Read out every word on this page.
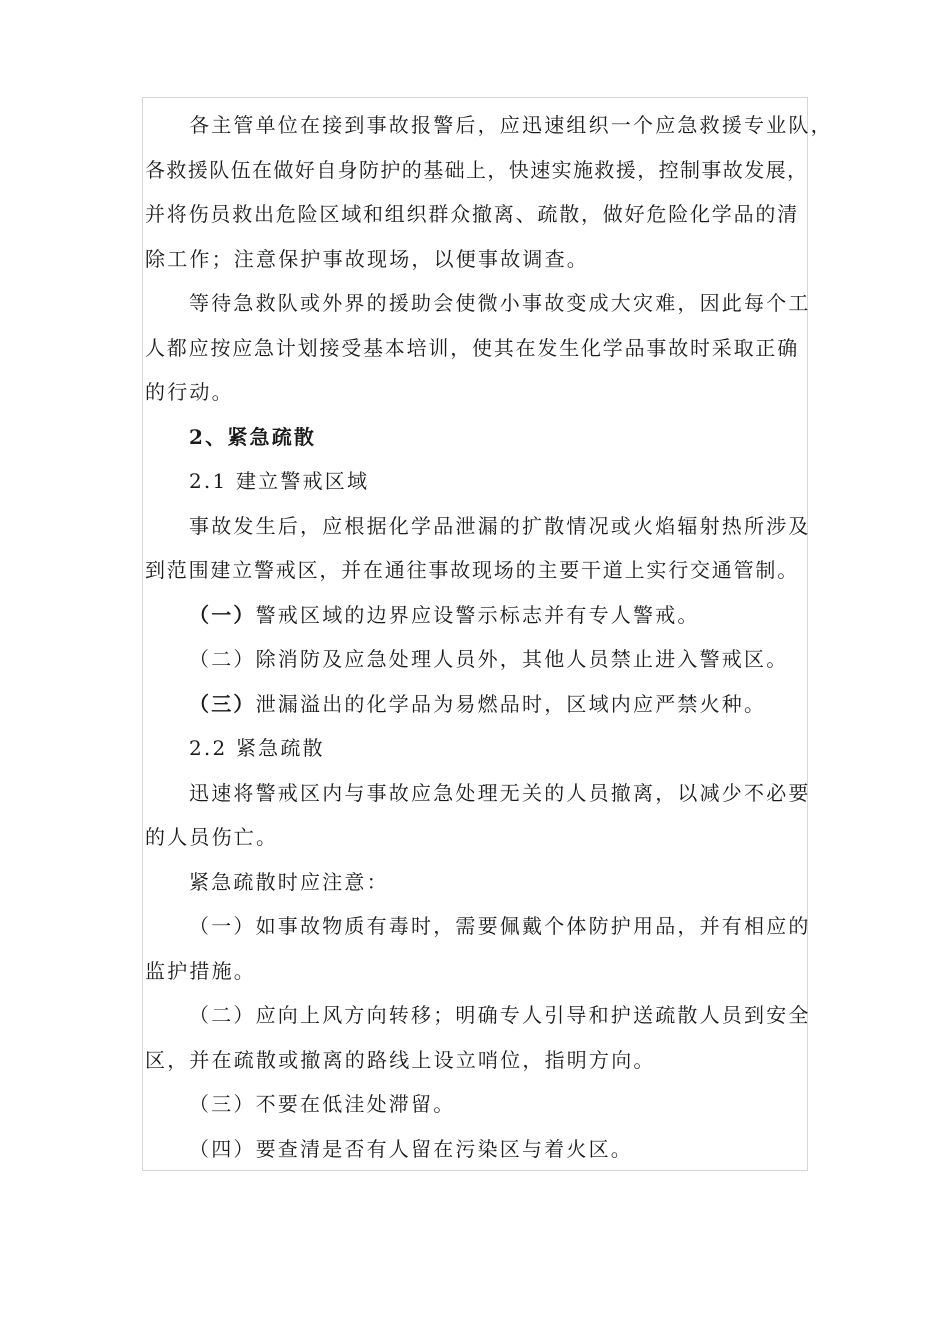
各主管单位在接到事故报警后，应迅速组织一个应急救援专业队，

各救援队伍在做好自身防护的基础上，快速实施救援，控制事故发展，

并将伤员救出危险区域和组织群众撤离、疏散，做好危险化学品的清

除工作；注意保护事故现场，以便事故调查。

等待急救队或外界的援助会使微小事故变成大灾难，因此每个工

人都应按应急计划接受基本培训，使其在发生化学品事故时采取正确

的行动。

2、紧急疏散

2.1 建立警戒区域

事故发生后，应根据化学品泄漏的扩散情况或火焰辐射热所涉及

到范围建立警戒区，并在通往事故现场的主要干道上实行交通管制。

（一）警戒区域的边界应设警示标志并有专人警戒。

（二）除消防及应急处理人员外，其他人员禁止进入警戒区。

（三）泄漏溢出的化学品为易燃品时，区域内应严禁火种。

2.2 紧急疏散

迅速将警戒区内与事故应急处理无关的人员撤离，以减少不必要

的人员伤亡。

紧急疏散时应注意：

（一）如事故物质有毒时，需要佩戴个体防护用品，并有相应的

监护措施。

（二）应向上风方向转移；明确专人引导和护送疏散人员到安全

区，并在疏散或撤离的路线上设立哨位，指明方向。

（三）不要在低洼处滞留。

（四）要查清是否有人留在污染区与着火区。
